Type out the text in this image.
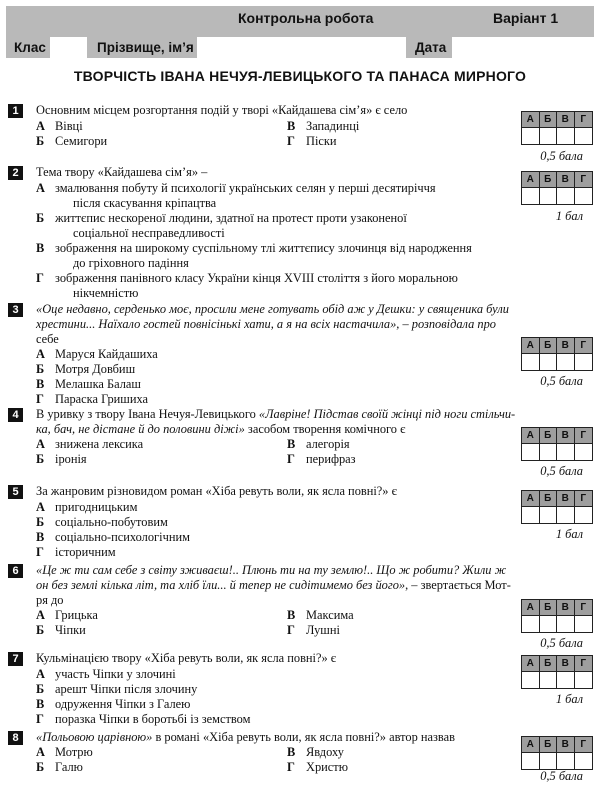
Контрольна робота	Варіант 1
Клас	Прізвище, ім’я	Дата
ТВОРЧІСТЬ ІВАНА НЕЧУЯ-ЛЕВИЦЬКОГО ТА ПАНАСА МИРНОГО
1	Основним місцем розгортання подій у творі «Кайдашева сім’я» є село
А Вівці
Б Семигори
В Западинці
Г Піски
А	Б	В	Г
0,5 бала
2	Тема твору «Кайдашева сім’я» –
А змалювання побуту й психології українських селян у перші десятиріччя
після скасування кріпацтва
Б життєпис нескореної людини, здатної на протест проти узаконеної
соціальної несправедливості
В зображення на широкому суспільному тлі життєпису злочинця від народження
до гріховного падіння
Г зображення панівного класу України кінця XVIII століття з його моральною
нікчемністю
А	Б	В	Г
1 бал
3	«Оце недавно, серденько моє, просили мене готувать обід аж у Дешки: у священика були
хрестини... Наїхало гостей повнісінькі хати, а я на всіх настачила», – розповідала про
себе
А Маруся Кайдашиха
Б Мотря Довбиш
В Мелашка Балаш
Г Параска Гришиха
А	Б	В	Г
0,5 бала
4	В уривку з твору Івана Нечуя-Левицького «Лавріне! Підстав своїй жінці під ноги стільчи-
ка, бач, не дістане й до половини діжі» засобом творення комічного є
А знижена лексика
Б іронія
В алегорія
Г перифраз
А	Б	В	Г
0,5 бала
5	За жанровим різновидом роман «Хіба ревуть воли, як ясла повні?» є
А пригодницьким
Б соціально-побутовим
В соціально-психологічним
Г історичним
А	Б	В	Г
1 бал
6	«Це ж ти сам себе з світу зживаєш!.. Плюнь ти на ту землю!.. Що ж робити? Жили ж
он без землі кілька літ, та хліб їли... й тепер не сидітимемо без його», – звертається Мот-
ря до
А Грицька
Б Чіпки
В Максима
Г Лушні
А	Б	В	Г
0,5 бала
7	Кульмінацією твору «Хіба ревуть воли, як ясла повні?» є
А участь Чіпки у злочині
Б арешт Чіпки після злочину
В одруження Чіпки з Галею
Г поразка Чіпки в боротьбі із земством
А	Б	В	Г
1 бал
8	«Польовою царівною» в романі «Хіба ревуть воли, як ясла повні?» автор назвав
А Мотрю
Б Галю
В Явдоху
Г Христю
А	Б	В	Г
0,5 бала
